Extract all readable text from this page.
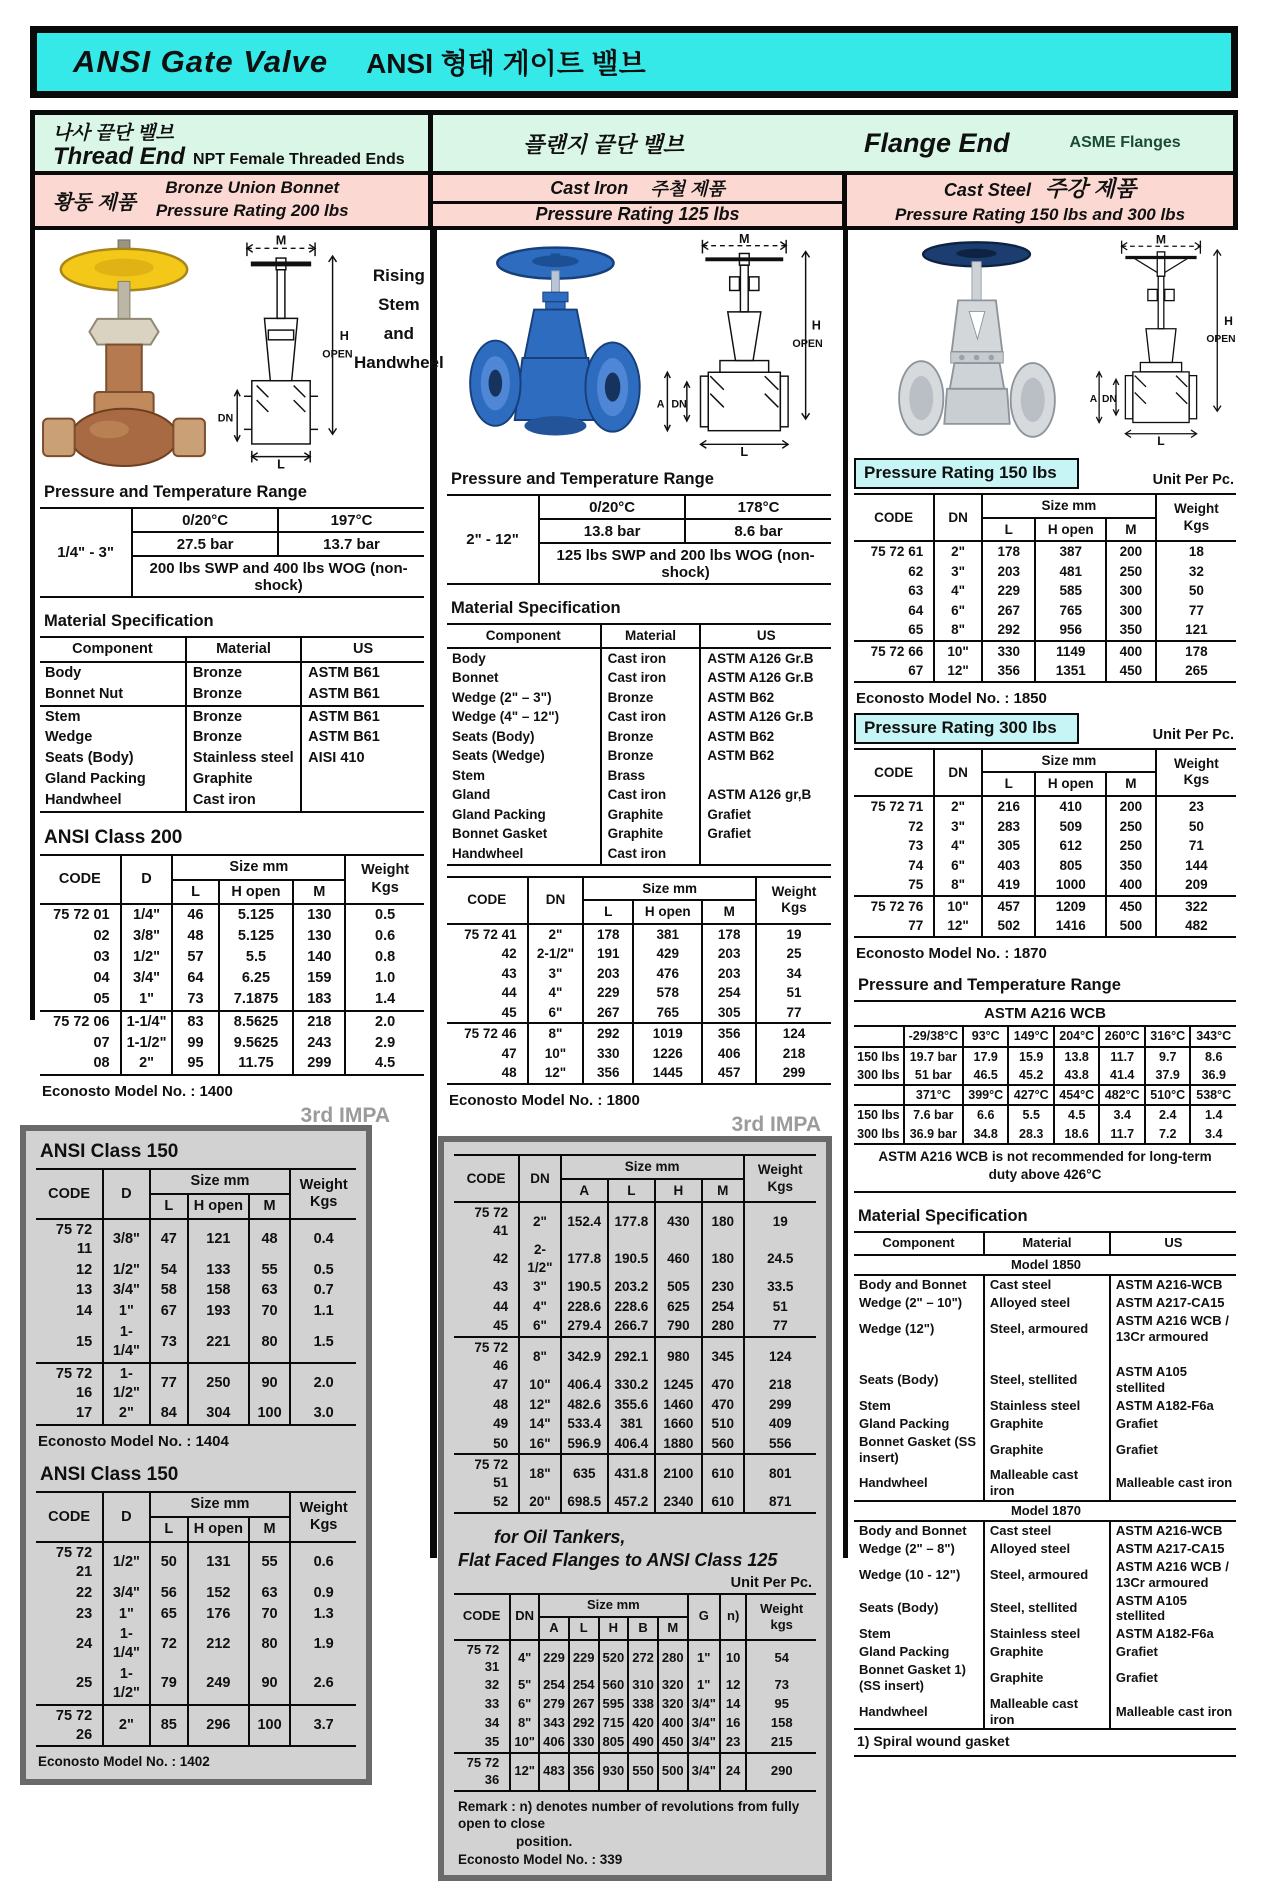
ANSI Gate Valve ANSI 형태 게이트 밸브
나사 끝단 밸브
Thread End NPT Female Threaded Ends
플랜지 끝단 밸브	Flange End	ASME Flanges
황동 제품
Bronze Union Bonnet
Pressure Rating 200 lbs
Cast Iron 주철 제품
Pressure Rating 125 lbs
Cast Steel 주강 제품
Pressure Rating 150 lbs and 300 lbs
M
H
OPEN
DN
L
Rising Stem
and Handwheel
Pressure and Temperature Range
1/4" - 3"	0/20°C	197°C
	27.5 bar	13.7 bar
	200 lbs SWP and 400 lbs WOG (non-shock)	
Material Specification
Component	Material	US
Body	Bronze	ASTM B61
Bonnet Nut	Bronze	ASTM B61
Stem	Bronze	ASTM B61
Wedge	Bronze	ASTM B61
Seats (Body)	Stainless steel	AISI 410
Gland Packing	Graphite	
Handwheel	Cast iron	
ANSI Class 200
CODE	D	Size mm			Weight
Kgs

		L	H open	M	
75 72 01	1/4"	46	5.125	130	0.5
02	3/8"	48	5.125	130	0.6
03	1/2"	57	5.5	140	0.8
04	3/4"	64	6.25	159	1.0
05	1"	73	7.1875	183	1.4
75 72 06	1-1/4"	83	8.5625	218	2.0
07	1-1/2"	99	9.5625	243	2.9
08	2"	95	11.75	299	4.5
Econosto Model No. : 1400
3rd IMPA
ANSI Class 150
CODE	D	Size mm			Weight
Kgs

		L	H open	M	
75 72 11	3/8"	47	121	48	0.4
12	1/2"	54	133	55	0.5
13	3/4"	58	158	63	0.7
14	1"	67	193	70	1.1
15	1-1/4"	73	221	80	1.5
75 72 16	1-1/2"	77	250	90	2.0
17	2"	84	304	100	3.0
Econosto Model No. : 1404
ANSI Class 150
CODE	D	Size mm			Weight
Kgs

		L	H open	M	
75 72 21	1/2"	50	131	55	0.6
22	3/4"	56	152	63	0.9
23	1"	65	176	70	1.3
24	1-1/4"	72	212	80	1.9
25	1-1/2"	79	249	90	2.6
75 72 26	2"	85	296	100	3.7
Econosto Model No. : 1402
M
H
OPEN
A DN
L
Pressure and Temperature Range
2" - 12"	0/20°C	178°C
	13.8 bar	8.6 bar
	125 lbs SWP and 200 lbs WOG (non-shock)	
Material Specification
Component	Material	US
Body	Cast iron	ASTM A126 Gr.B
Bonnet	Cast iron	ASTM A126 Gr.B
Wedge (2" – 3")	Bronze	ASTM B62
Wedge (4" – 12")	Cast iron	ASTM A126 Gr.B
Seats (Body)	Bronze	ASTM B62
Seats (Wedge)	Bronze	ASTM B62
Stem	Brass	
Gland	Cast iron	ASTM A126 gr,B
Gland Packing	Graphite	Grafiet
Bonnet Gasket	Graphite	Grafiet
Handwheel	Cast iron	
CODE	DN	Size mm			Weight
Kgs

		L	H open	M	
75 72 41	2"	178	381	178	19
42	2-1/2"	191	429	203	25
43	3"	203	476	203	34
44	4"	229	578	254	51
45	6"	267	765	305	77
75 72 46	8"	292	1019	356	124
47	10"	330	1226	406	218
48	12"	356	1445	457	299
Econosto Model No. : 1800
3rd IMPA
CODE	DN	Size mm				Weight
Kgs

		A	L	H	M	
75 72 41	2"	152.4	177.8	430	180	19
42	2-1/2"	177.8	190.5	460	180	24.5
43	3"	190.5	203.2	505	230	33.5
44	4"	228.6	228.6	625	254	51
45	6"	279.4	266.7	790	280	77
75 72 46	8"	342.9	292.1	980	345	124
47	10"	406.4	330.2	1245	470	218
48	12"	482.6	355.6	1460	470	299
49	14"	533.4	381	1660	510	409
50	16"	596.9	406.4	1880	560	556
75 72 51	18"	635	431.8	2100	610	801
52	20"	698.5	457.2	2340	610	871
for Oil Tankers,
Flat Faced Flanges to ANSI Class 125
Unit Per Pc.
CODE	DN	Size mm					G	n)	Weight
kgs

		A	L	H	B	M			
75 72 31	4"	229	229	520	272	280	1"	10	54
32	5"	254	254	560	310	320	1"	12	73
33	6"	279	267	595	338	320	3/4"	14	95
34	8"	343	292	715	420	400	3/4"	16	158
35	10"	406	330	805	490	450	3/4"	23	215
75 72 36	12"	483	356	930	550	500	3/4"	24	290
Remark : n) denotes number of revolutions from fully open to close
position.
Econosto Model No. : 339
M
H
OPEN
A DN
L
Pressure Rating 150 lbs	Unit Per Pc.
CODE	DN	Size mm			Weight
Kgs

		L	H open	M	
75 72 61	2"	178	387	200	18
62	3"	203	481	250	32
63	4"	229	585	300	50
64	6"	267	765	300	77
65	8"	292	956	350	121
75 72 66	10"	330	1149	400	178
67	12"	356	1351	450	265
Econosto Model No. : 1850
Pressure Rating 300 lbs	Unit Per Pc.
CODE	DN	Size mm			Weight
Kgs

		L	H open	M	
75 72 71	2"	216	410	200	23
72	3"	283	509	250	50
73	4"	305	612	250	71
74	6"	403	805	350	144
75	8"	419	1000	400	209
75 72 76	10"	457	1209	450	322
77	12"	502	1416	500	482
Econosto Model No. : 1870
Pressure and Temperature Range
ASTM A216 WCB							
	-29/38°C	93°C	149°C	204°C	260°C	316°C	343°C
150 lbs	19.7 bar	17.9	15.9	13.8	11.7	9.7	8.6
300 lbs	51 bar	46.5	45.2	43.8	41.4	37.9	36.9
	371°C	399°C	427°C	454°C	482°C	510°C	538°C
150 lbs	7.6 bar	6.6	5.5	4.5	3.4	2.4	1.4
300 lbs	36.9 bar	34.8	28.3	18.6	11.7	7.2	3.4
ASTM A216 WCB is not recommended for long-term duty above 426°C
Material Specification
Component	Material	US
Model 1850		
Body and Bonnet	Cast steel	ASTM A216-WCB
Wedge (2" – 10")	Alloyed steel	ASTM A217-CA15
Wedge (12")	Steel, armoured	ASTM A216 WCB / 13Cr armoured

Seats (Body)	Steel, stellited	ASTM A105 stellited
Stem	Stainless steel	ASTM A182-F6a
Gland Packing	Graphite	Grafiet
Bonnet Gasket (SS insert)	Graphite	Grafiet
Handwheel	Malleable cast iron	Malleable cast iron
Model 1870		
Body and Bonnet	Cast steel	ASTM A216-WCB
Wedge (2" – 8")	Alloyed steel	ASTM A217-CA15
Wedge (10 - 12")	Steel, armoured	ASTM A216 WCB / 13Cr armoured
Seats (Body)	Steel, stellited	ASTM A105 stellited
Stem	Stainless steel	ASTM A182-F6a
Gland Packing	Graphite	Grafiet
Bonnet Gasket 1) (SS insert)	Graphite	Grafiet
Handwheel	Malleable cast iron	Malleable cast iron
1) Spiral wound gasket
